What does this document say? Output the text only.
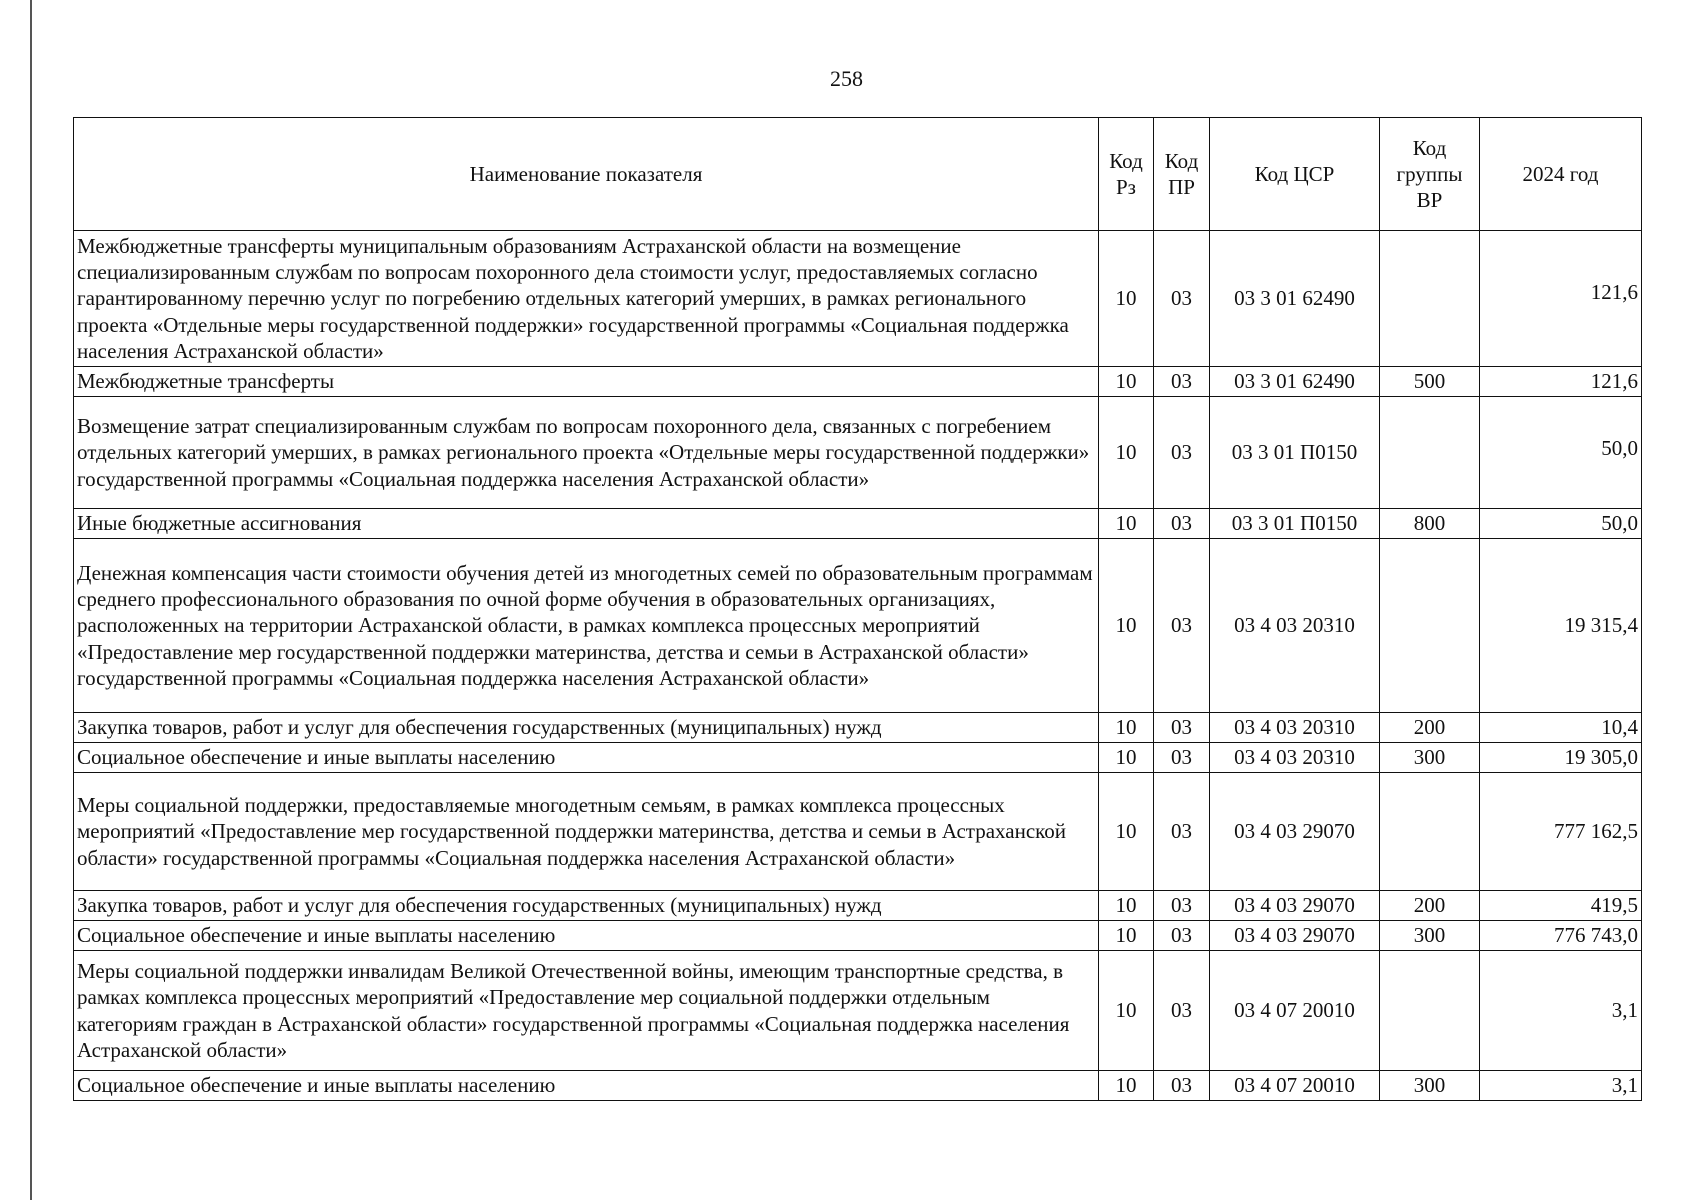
258
Наименование показателя	Код Рз	Код ПР	Код ЦСР	Код группы ВР	2024 год
Межбюджетные трансферты муниципальным образованиям Астраханской области на возмещение специализированным службам по вопросам похоронного дела стоимости услуг, предоставляемых согласно гарантированному перечню услуг по погребению отдельных категорий умерших, в рамках регионального проекта «Отдельные меры государственной поддержки» государственной программы «Социальная поддержка населения Астраханской области»	10	03	03 3 01 62490		121,6
Межбюджетные трансферты	10	03	03 3 01 62490	500	121,6
Возмещение затрат специализированным службам по вопросам похоронного дела, связанных с погребением отдельных категорий умерших, в рамках регионального проекта «Отдельные меры государственной поддержки» государственной программы «Социальная поддержка населения Астраханской области»	10	03	03 3 01 П0150		50,0
Иные бюджетные ассигнования	10	03	03 3 01 П0150	800	50,0
Денежная компенсация части стоимости обучения детей из многодетных семей по образовательным программам среднего профессионального образования по очной форме обучения в образовательных организациях, расположенных на территории Астраханской области, в рамках комплекса процессных мероприятий «Предоставление мер государственной поддержки материнства, детства и семьи в Астраханской области» государственной программы «Социальная поддержка населения Астраханской области»	10	03	03 4 03 20310		19 315,4
Закупка товаров, работ и услуг для обеспечения государственных (муниципальных) нужд	10	03	03 4 03 20310	200	10,4
Социальное обеспечение и иные выплаты населению	10	03	03 4 03 20310	300	19 305,0
Меры социальной поддержки, предоставляемые многодетным семьям, в рамках комплекса процессных мероприятий «Предоставление мер государственной поддержки материнства, детства и семьи в Астраханской области» государственной программы «Социальная поддержка населения Астраханской области»	10	03	03 4 03 29070		777 162,5
Закупка товаров, работ и услуг для обеспечения государственных (муниципальных) нужд	10	03	03 4 03 29070	200	419,5
Социальное обеспечение и иные выплаты населению	10	03	03 4 03 29070	300	776 743,0
Меры социальной поддержки инвалидам Великой Отечественной войны, имеющим транспортные средства, в рамках комплекса процессных мероприятий «Предоставление мер социальной поддержки отдельным категориям граждан в Астраханской области» государственной программы «Социальная поддержка населения Астраханской области»	10	03	03 4 07 20010		3,1
Социальное обеспечение и иные выплаты населению	10	03	03 4 07 20010	300	3,1
